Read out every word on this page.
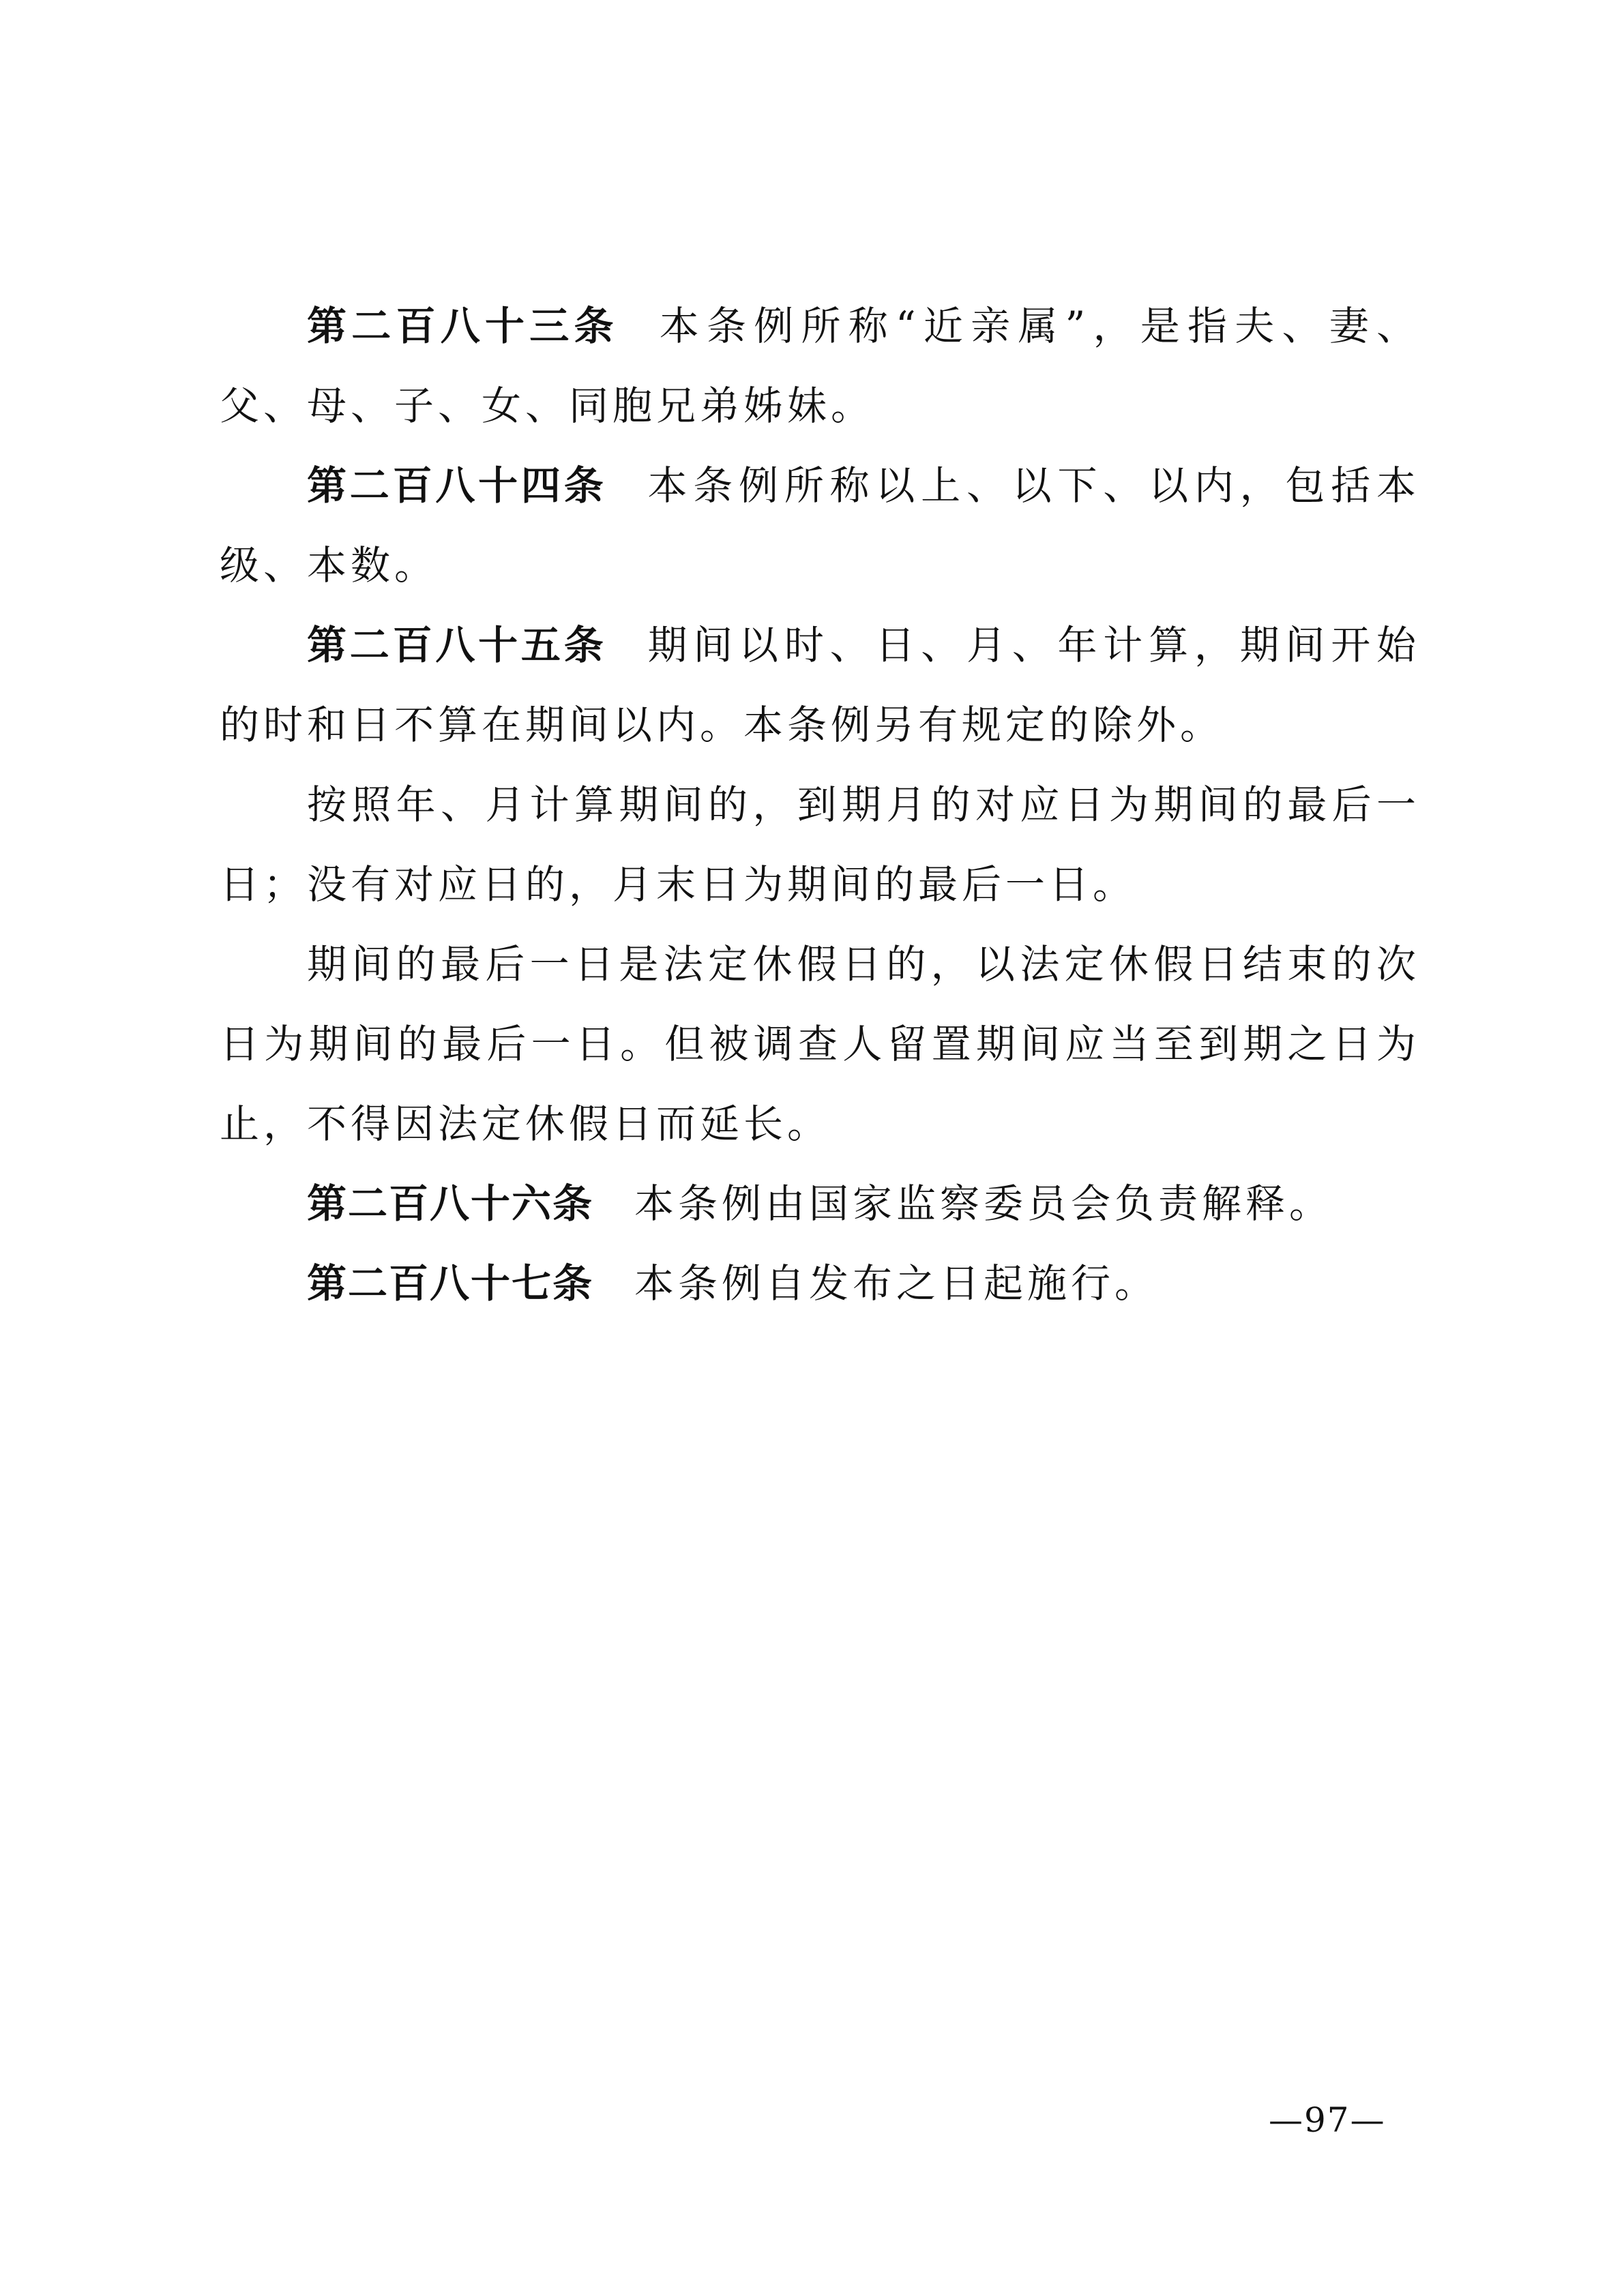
第二百八十三条 本条例所称“近亲属”，是指夫、妻、父、母、子、女、同胞兄弟姊妹。

第二百八十四条 本条例所称以上、以下、以内，包括本级、本数。

第二百八十五条 期间以时、日、月、年计算，期间开始的时和日不算在期间以内。本条例另有规定的除外。

按照年、月计算期间的，到期月的对应日为期间的最后一日；没有对应日的，月末日为期间的最后一日。

期间的最后一日是法定休假日的，以法定休假日结束的次日为期间的最后一日。但被调查人留置期间应当至到期之日为止，不得因法定休假日而延长。

第二百八十六条 本条例由国家监察委员会负责解释。

第二百八十七条 本条例自发布之日起施行。

—97—
